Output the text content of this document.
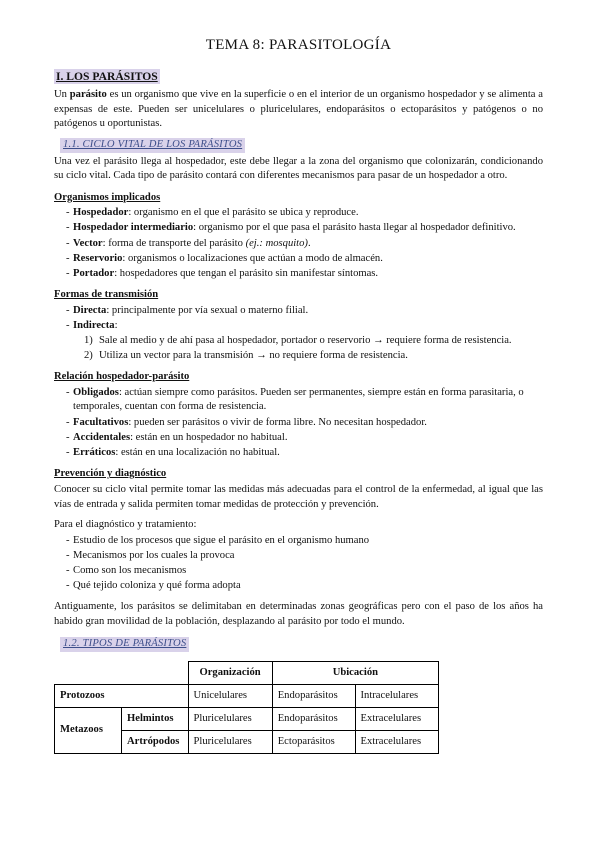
TEMA 8: PARASITOLOGÍA
I. LOS PARÁSITOS

Un parásito es un organismo que vive en la superficie o en el interior de un organismo hospedador y se alimenta a expensas de este. Pueden ser unicelulares o pluricelulares, endoparásitos o ectoparásitos y patógenos o no patógenos u oportunistas.

1.1. CICLO VITAL DE LOS PARÁSITOS

Una vez el parásito llega al hospedador, este debe llegar a la zona del organismo que colonizarán, condicionando su ciclo vital. Cada tipo de parásito contará con diferentes mecanismos para pasar de un hospedador a otro.

Organismos implicados
- Hospedador: organismo en el que el parásito se ubica y reproduce.
- Hospedador intermediario: organismo por el que pasa el parásito hasta llegar al hospedador definitivo.
- Vector: forma de transporte del parásito (ej.: mosquito).
- Reservorio: organismos o localizaciones que actúan a modo de almacén.
- Portador: hospedadores que tengan el parásito sin manifestar síntomas.
Formas de transmisión
- Directa: principalmente por vía sexual o materno filial.
- Indirecta:
1) Sale al medio y de ahí pasa al hospedador, portador o reservorio → requiere forma de resistencia.
2) Utiliza un vector para la transmisión → no requiere forma de resistencia.
Relación hospedador-parásito
- Obligados: actúan siempre como parásitos. Pueden ser permanentes, siempre están en forma parasitaria, o temporales, cuentan con forma de resistencia.
- Facultativos: pueden ser parásitos o vivir de forma libre. No necesitan hospedador.
- Accidentales: están en un hospedador no habitual.
- Erráticos: están en una localización no habitual.
Prevención y diagnóstico

Conocer su ciclo vital permite tomar las medidas más adecuadas para el control de la enfermedad, al igual que las vías de entrada y salida permiten tomar medidas de protección y prevención.

Para el diagnóstico y tratamiento:

- Estudio de los procesos que sigue el parásito en el organismo humano
- Mecanismos por los cuales la provoca
- Como son los mecanismos
- Qué tejido coloniza y qué forma adopta

Antiguamente, los parásitos se delimitaban en determinadas zonas geográficas pero con el paso de los años ha habido gran movilidad de la población, desplazando al parásito por todo el mundo.

1.2. TIPOS DE PARÁSITOS
		Organización	Ubicación	
Protozoos		Unicelulares	Endoparásitos	Intracelulares
Metazoos	Helmintos	Pluricelulares	Endoparásitos	Extracelulares
	Artrópodos	Pluricelulares	Ectoparásitos	Extracelulares
